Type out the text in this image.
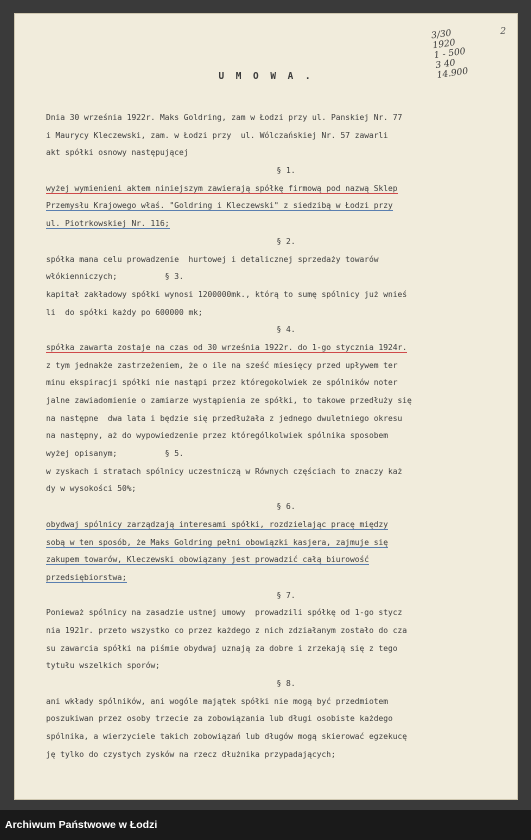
2
3/30
1920
1 - 500
3 40
14.900
U M O W A .
Dnia 30 września 1922r. Maks Goldring, zam w Łodzi przy ul. Panskiej Nr. 77
i Maurycy Kleczewski, zam. w Łodzi przy  ul. Wólczańskiej Nr. 57 zawarli
akt spółki osnowy następującej
§ 1.
wyżej wymienieni aktem niniejszym zawierają spółkę firmową pod nazwą Sklep
Przemysłu Krajowego właś. "Goldring i Kleczewski" z siedzibą w Łodzi przy
ul. Piotrkowskiej Nr. 116;
§ 2.
spółka mana celu prowadzenie  hurtowej i detalicznej sprzedaży towarów
włókienniczych;          § 3.
kapitał zakładowy spółki wynosi 1200000mk., którą to sumę spólnicy już wnieś
li  do spółki każdy po 600000 mk;
§ 4.
spółka zawarta zostaje na czas od 30 września 1922r. do 1-go stycznia 1924r.
z tym jednakże zastrzeżeniem, że o ile na sześć miesięcy przed upływem ter
minu ekspiracji spółki nie nastąpi przez któregokolwiek ze spólników noter
jalne zawiadomienie o zamiarze wystąpienia ze spółki, to takowe przedłuży się
na następne  dwa lata i będzie się przedłużała z jednego dwuletniego okresu
na następny, aż do wypowiedzenie przez którególkolwiek spólnika sposobem
wyżej opisanym;          § 5.
w zyskach i stratach spólnicy uczestniczą w Równych częściach to znaczy każ
dy w wysokości 50%;
§ 6.
obydwaj spólnicy zarządzają interesami spółki, rozdzielając pracę między
sobą w ten sposób, że Maks Goldring pełni obowiązki kasjera, zajmuje się
zakupem towarów, Kleczewski obowiązany jest prowadzić całą biurowość
przedsiębiorstwa;
§ 7.
Ponieważ spólnicy na zasadzie ustnej umowy  prowadzili spółkę od 1-go stycz
nia 1921r. przeto wszystko co przez każdego z nich zdziałanym zostało do cza
su zawarcia spółki na piśmie obydwaj uznają za dobre i zrzekają się z tego
tytułu wszelkich sporów;
§ 8.
ani wkłady spólników, ani wogóle majątek spółki nie mogą być przedmiotem
poszukiwan przez osoby trzecie za zobowiązania lub długi osobiste każdego
spólnika, a wierzyciele takich zobowiązań lub długów mogą skierować egzekucę
ję tylko do czystych zysków na rzecz dłużnika przypadających;
Archiwum Państwowe w Łodzi
